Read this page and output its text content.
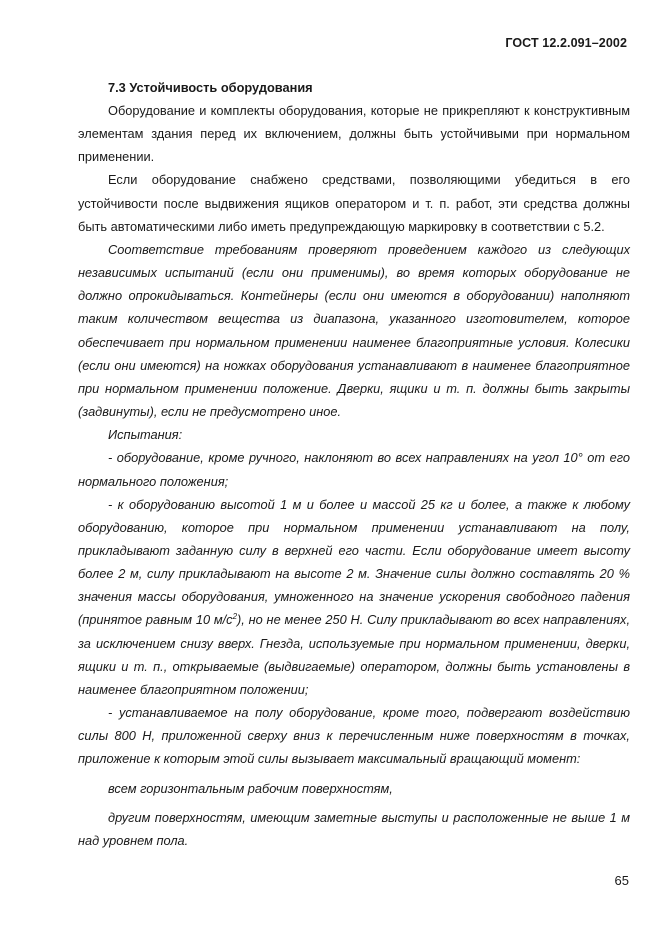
ГОСТ 12.2.091–2002
7.3 Устойчивость оборудования

Оборудование и комплекты оборудования, которые не прикрепляют к конструктивным элементам здания перед их включением, должны быть устойчивыми при нормальном применении.

Если оборудование снабжено средствами, позволяющими убедиться в его устойчивости после выдвижения ящиков оператором и т. п. работ, эти средства должны быть автоматическими либо иметь предупреждающую маркировку в соответствии с 5.2.

Соответствие требованиям проверяют проведением каждого из следующих независимых испытаний (если они применимы), во время которых оборудование не должно опрокидываться. Контейнеры (если они имеются в оборудовании) наполняют таким количеством вещества из диапазона, указанного изготовителем, которое обеспечивает при нормальном применении наименее благоприятные условия. Колесики (если они имеются) на ножках оборудования устанавливают в наименее благоприятное при нормальном применении положение. Дверки, ящики и т. п. должны быть закрыты (задвинуты), если не предусмотрено иное.

Испытания:

- оборудование, кроме ручного, наклоняют во всех направлениях на угол 10° от его нормального положения;

- к оборудованию высотой 1 м и более и массой 25 кг и более, а также к любому оборудованию, которое при нормальном применении устанавливают на полу, прикладывают заданную силу в верхней его части. Если оборудование имеет высоту более 2 м, силу прикладывают на высоте 2 м. Значение силы должно составлять 20 % значения массы оборудования, умноженного на значение ускорения свободного падения (принятое равным 10 $м/с^2$), но не менее 250 Н. Силу прикладывают во всех направлениях, за исключением снизу вверх. Гнезда, используемые при нормальном применении, дверки, ящики и т. п., открываемые (выдвигаемые) оператором, должны быть установлены в наименее благоприятном положении;

- устанавливаемое на полу оборудование, кроме того, подвергают воздействию силы 800 Н, приложенной сверху вниз к перечисленным ниже поверхностям в точках, приложение к которым этой силы вызывает максимальный вращающий момент:

всем горизонтальным рабочим поверхностям,

другим поверхностям, имеющим заметные выступы и расположенные не выше 1 м над уровнем пола.

65
